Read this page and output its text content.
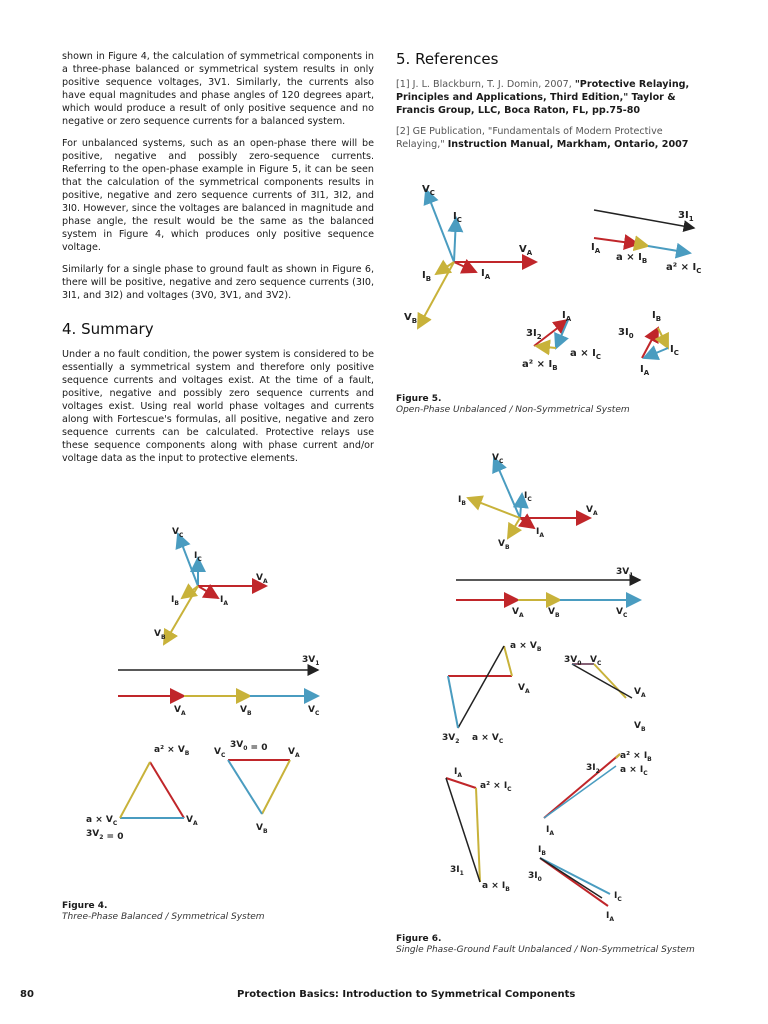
shown in Figure 4, the calculation of symmetrical components in a three-phase balanced or symmetrical system results in only positive sequence voltages, 3V1. Similarly, the currents also have equal magnitudes and phase angles of 120 degrees apart, which would produce a result of only positive sequence and no negative or zero sequence currents for a balanced system.

For unbalanced systems, such as an open-phase there will be positive, negative and possibly zero-sequence currents. Referring to the open-phase example in Figure 5, it can be seen that the calculation of the symmetrical components results in positive, negative and zero sequence currents of 3I1, 3I2, and 3I0. However, since the voltages are balanced in magnitude and phase angle, the result would be the same as the balanced system in Figure 4, which produces only positive sequence voltage.

Similarly for a single phase to ground fault as shown in Figure 6, there will be positive, negative and zero sequence currents (3I0, 3I1, and 3I2) and voltages (3V0, 3V1, and 3V2).

4. Summary

Under a no fault condition, the power system is considered to be essentially a symmetrical system and therefore only positive sequence currents and voltages exist. At the time of a fault, positive, negative and possibly zero sequence currents and voltages exist. Using real world phase voltages and currents along with Fortescue's formulas, all positive, negative and zero sequence currents can be calculated. Protective relays use these sequence components along with phase current and/or voltage data as the input to protective elements.

5. References

[1] J. L. Blackburn, T. J. Domin, 2007, "Protective Relaying, Principles and Applications, Third Edition," Taylor & Francis Group, LLC, Boca Raton, FL, pp.75-80

[2] GE Publication, "Fundamentals of Modern Protective Relaying," Instruction Manual, Markham, Ontario, 2007

$V_C$
$I_C$
$V_A$
$I_A$
$I_B$
$V_B$
$3I_1$
$I_A$
$a \times I_B$
$a^2 \times I_C$
$I_A$
$3I_2$
$a^2 \times I_B$
$a \times I_C$
$I_B$
$3I_0$
$I_C$
$I_A$
Figure 5.
Open-Phase Unbalanced / Non-Symmetrical System
$V_C$
$I_C$
$V_A$
$I_A$
$I_B$
$V_B$
$3V_1$
$V_A$	$V_B$	$V_C$
$a^2 \times V_B$
$a \times V_C$
$3V_2 = 0$
$V_A$
$3V_0 = 0$
$V_C$	$V_A$
$V_B$
Figure 4.
Three-Phase Balanced / Symmetrical System
$V_C$
$I_C$
$V_A$
$I_A$
$I_B$
$V_B$
$3V_1$
$V_A$	$V_B$	$V_C$
$a \times V_B$
$V_A$
$3V_2$ $a \times V_C$
$3V_0$ $V_C$
$V_A$
$V_B$
$I_A$
$a^2 \times I_C$
$3I_1$
$a \times I_B$
$a^2 \times I_B$
$a \times I_C$
$3I_2$
$I_A$
$I_B$
$3I_0$
$I_C$
$I_A$
Figure 6.
Single Phase-Ground Fault Unbalanced / Non-Symmetrical System
80	Protection Basics: Introduction to Symmetrical Components
